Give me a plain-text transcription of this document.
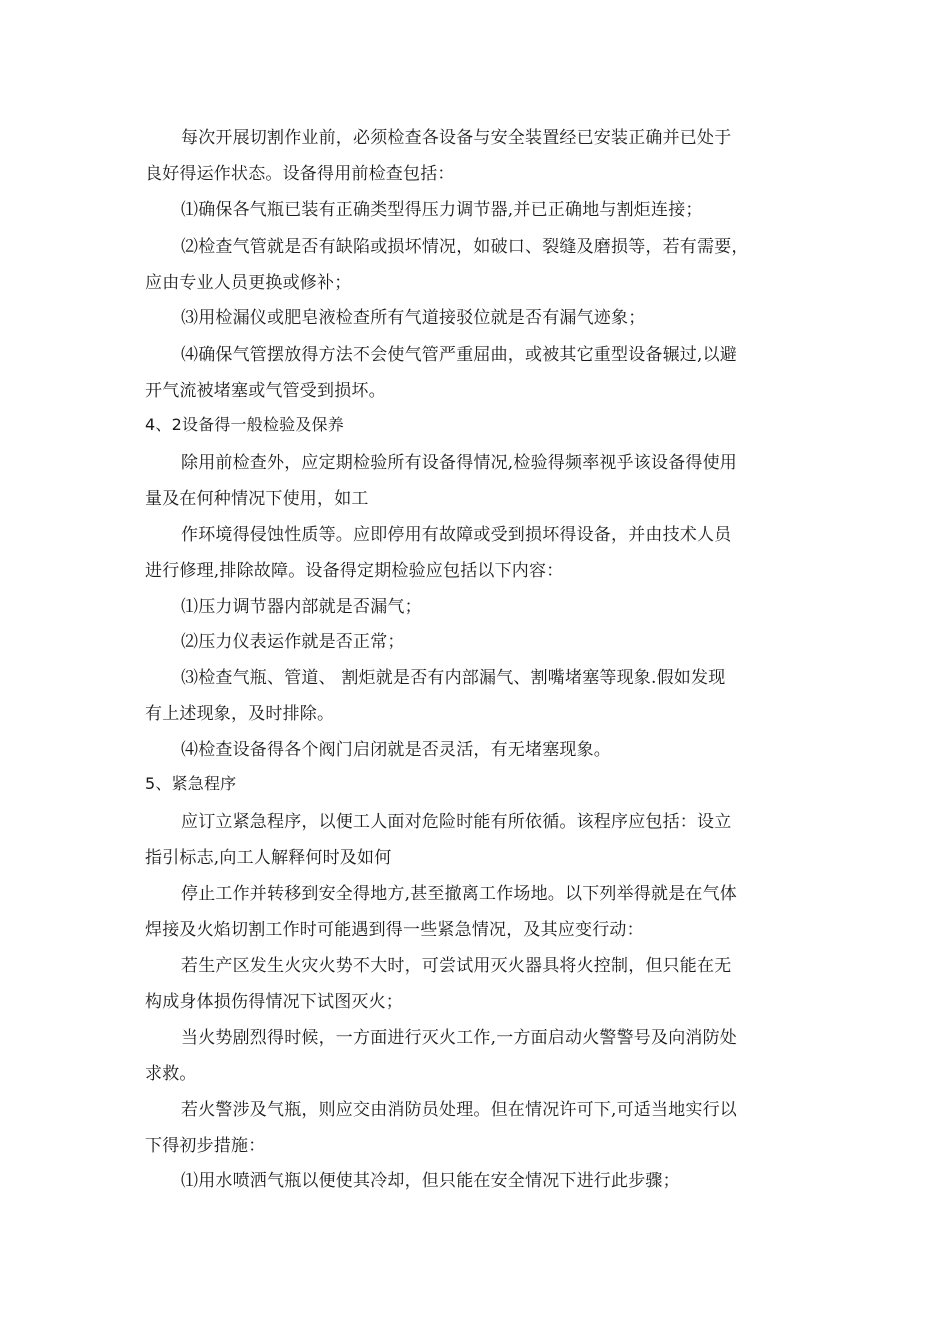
每次开展切割作业前，必须检查各设备与安全装置经已安装正确并已处于
良好得运作状态。设备得用前检查包括：
⑴确保各气瓶已装有正确类型得压力调节器,并已正确地与割炬连接；
⑵检查气管就是否有缺陷或损坏情况，如破口、裂缝及磨损等，若有需要，
应由专业人员更换或修补；
⑶用检漏仪或肥皂液检查所有气道接驳位就是否有漏气迹象；
⑷确保气管摆放得方法不会使气管严重屈曲，或被其它重型设备辗过,以避
开气流被堵塞或气管受到损坏。
4、2设备得一般检验及保养
除用前检查外，应定期检验所有设备得情况,检验得频率视乎该设备得使用
量及在何种情况下使用，如工
作环境得侵蚀性质等。应即停用有故障或受到损坏得设备，并由技术人员
进行修理,排除故障。设备得定期检验应包括以下内容：
⑴压力调节器内部就是否漏气；
⑵压力仪表运作就是否正常；
⑶检查气瓶、管道、 割炬就是否有内部漏气、割嘴堵塞等现象.假如发现
有上述现象，及时排除。
⑷检查设备得各个阀门启闭就是否灵活，有无堵塞现象。
5、紧急程序
应订立紧急程序，以便工人面对危险时能有所依循。该程序应包括：设立
指引标志,向工人解释何时及如何
停止工作并转移到安全得地方,甚至撤离工作场地。以下列举得就是在气体
焊接及火焰切割工作时可能遇到得一些紧急情况，及其应变行动：
若生产区发生火灾火势不大时，可尝试用灭火器具将火控制，但只能在无
构成身体损伤得情况下试图灭火；
当火势剧烈得时候，一方面进行灭火工作,一方面启动火警警号及向消防处
求救。
若火警涉及气瓶，则应交由消防员处理。但在情况许可下,可适当地实行以
下得初步措施：
⑴用水喷洒气瓶以便使其冷却，但只能在安全情况下进行此步骤；
